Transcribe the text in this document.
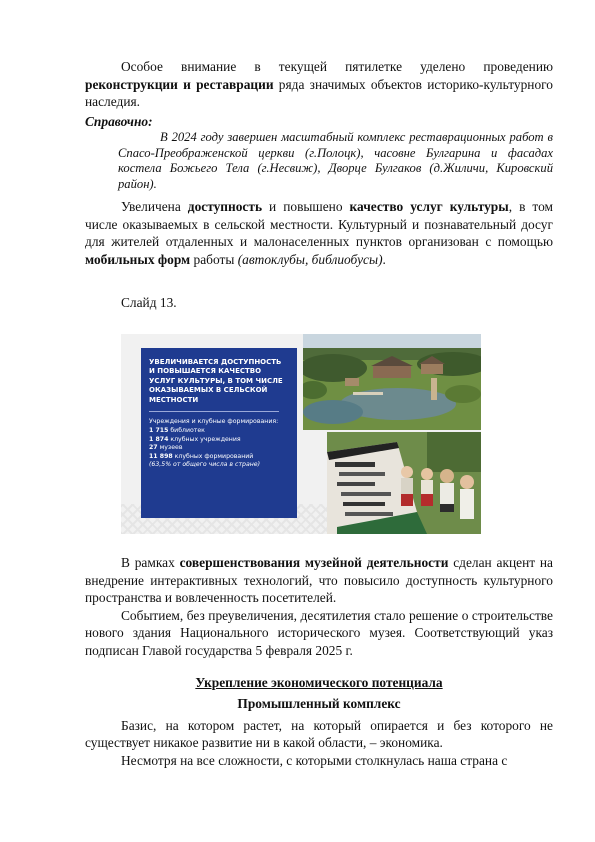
Особое внимание в текущей пятилетке уделено проведению реконструкции и реставрации ряда значимых объектов историко-культурного наследия.

Справочно:

В 2024 году завершен масштабный комплекс реставрационных работ в Спасо-Преображенской церкви (г.Полоцк), часовне Булгарина и фасадах костела Божьего Тела (г.Несвиж), Дворце Булгаков (д.Жиличи, Кировский район).

Увеличена доступность и повышено качество услуг культуры, в том числе оказываемых в сельской местности. Культурный и познавательный досуг для жителей отдаленных и малонаселенных пунктов организован с помощью мобильных форм работы (автоклубы, библиобусы).

Слайд 13.

УВЕЛИЧИВАЕТСЯ ДОСТУПНОСТЬ И ПОВЫШАЕТСЯ КАЧЕСТВО УСЛУГ КУЛЬТУРЫ, В ТОМ ЧИСЛЕ ОКАЗЫВАЕМЫХ В СЕЛЬСКОЙ МЕСТНОСТИ
Учреждения и клубные формирования:
1 715 библиотек
1 874 клубных учреждения
27 музеев
11 898 клубных формирований
(63,5% от общего числа в стране)

В рамках совершенствования музейной деятельности сделан акцент на внедрение интерактивных технологий, что повысило доступность культурного пространства и вовлеченность посетителей.

Событием, без преувеличения, десятилетия стало решение о строительстве нового здания Национального исторического музея. Соответствующий указ подписан Главой государства 5 февраля 2025 г.

Укрепление экономического потенциала

Промышленный комплекс

Базис, на котором растет, на который опирается и без которого не существует никакое развитие ни в какой области, – экономика.

Несмотря на все сложности, с которыми столкнулась наша страна с
